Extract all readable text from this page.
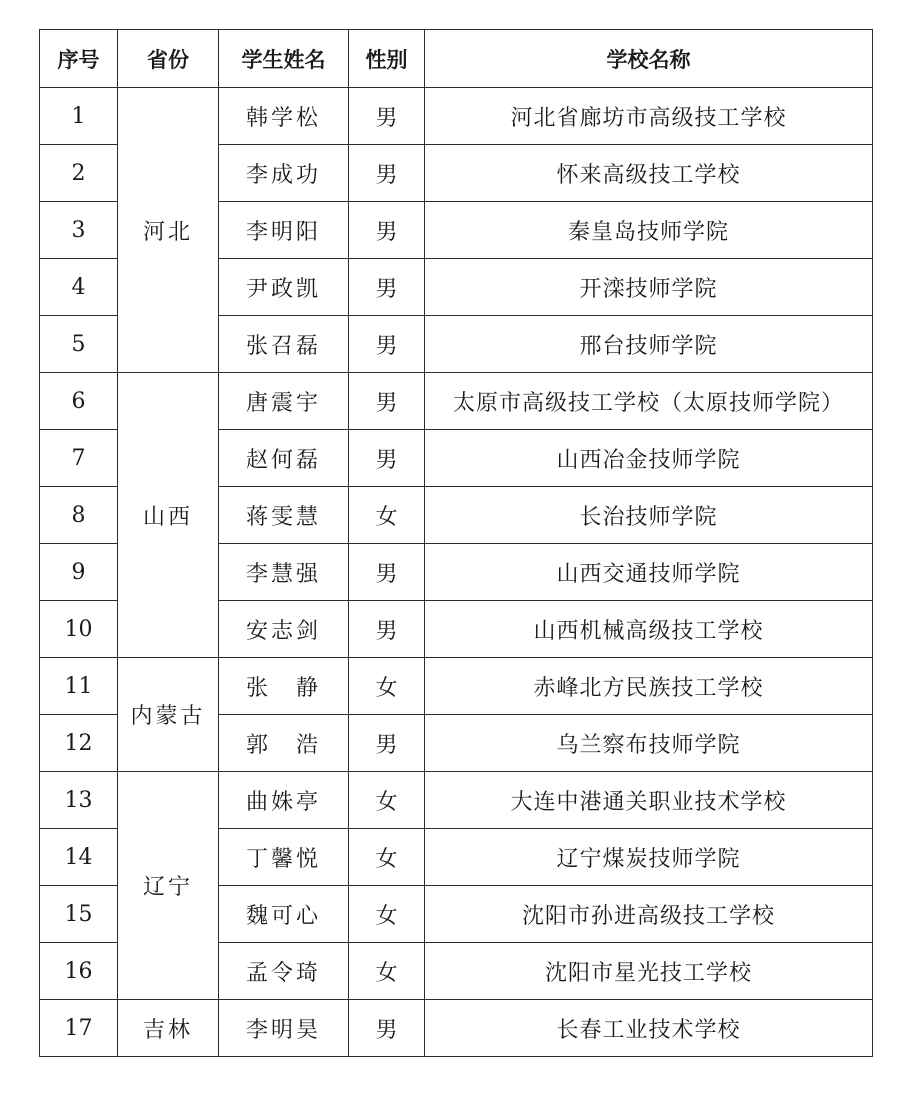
序号	省份	学生姓名	性别	学校名称
1	河北	韩学松	男	河北省廊坊市高级技工学校
2		李成功	男	怀来高级技工学校
3		李明阳	男	秦皇岛技师学院
4		尹政凯	男	开滦技师学院
5		张召磊	男	邢台技师学院
6	山西	唐震宇	男	太原市高级技工学校（太原技师学院）
7		赵何磊	男	山西冶金技师学院
8		蒋雯慧	女	长治技师学院
9		李慧强	男	山西交通技师学院
10		安志剑	男	山西机械高级技工学校
11	内蒙古	张　静	女	赤峰北方民族技工学校
12		郭　浩	男	乌兰察布技师学院
13	辽宁	曲姝亭	女	大连中港通关职业技术学校
14		丁馨悦	女	辽宁煤炭技师学院
15		魏可心	女	沈阳市孙进高级技工学校
16		孟令琦	女	沈阳市星光技工学校
17	吉林	李明昊	男	长春工业技术学校
